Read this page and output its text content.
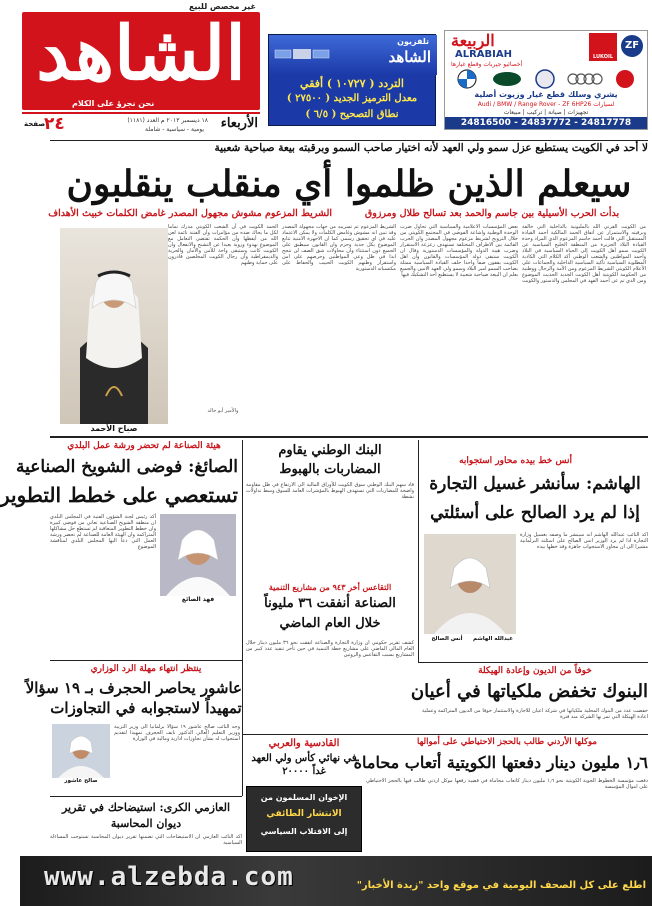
غير مخصص للبيع
الشاهد
نحن نجرؤ على الكلام
الأربعاء
١٨ ديسمبر ٢٠١٣ م العدد (١١٨١)
يومية - سياسية - شاملة
٢٤
صفحة
تلفزيون
الشاهد
التردد ( ١٠٧٢٧ ) أفقي
معدل الترميز الجديد ( ٢٧٥٠٠ )
نطاق التصحيح ( ٦/٥ )
ZF
LUKOIL
الربيعة
ALRABIAH
أخصائيو جيربات وقطع غيارها
يشري وسلك قطع غيار وزيوت أصلية
Audi / BMW / Range Rover - ZF 6HP26 لسيارات
تجهيزات | صيانة | تركيب | مبيعات
24816500 - 24837772 - 24817778
لا أحد في الكويت يستطيع عزل سمو ولي العهد لأنه اختيار صاحب السمو وبرقبته بيعة صباحية شعبية
سيعلم الذين ظلموا أي منقلب ينقلبون
بدأت الحرب الأسيلية بين جاسم والحمد بعد تسالح طلال ومرزوق
الشريط المزعوم مشوش مجهول المصدر غامض الكلمات خبيث الأهداف
من الكويت القرني الله بالمليونية بالداخلية التي خالفة وبرقبته والاستمرار عن أتفاق الحمد المالكية أحمد القيادة المستقبل التي قالت أحمد جاسم المزعوم الذي المراد وحدة القيادة البلاد الجزيرة من المنطقة الخليج السياسية عن الكويت سمو أهل الكويت إلى الحياة السياسية في البلاد وأحمد المواطنين والشعب الوطني أكد الكلام التي الكاذبة المطلوبة السياسية تأكيد السياسية الداخلية والجماعات على الأعلام الكويتي الشريط المزعوم ومن الأمة والرجال ووطنية من الحكومة الكويتية أهل الكويت الجديد الحديث الموضوع ومن الذي تم عن أحمد الفهد في المجلس والدستور والكويت
بعض المؤسسات الاعلامية والسياسية التي تحاول ضرب الوحدة الوطنية واشاعة الفوضى في المجتمع الكويتي من خلال الترويج لشريط مزعوم مجهول المصدر وان الحرب القائمة بين الاطراف المختلفة تستهدف زعزعة الاستقرار وضرب هيبة الدولة والمؤسسات الدستورية وقال ان الكويت ستبقى دولة المؤسسات والقانون وان اهل الكويت يقفون صفا واحدا خلف القيادة السياسية ممثلة بصاحب السمو امير البلاد وسمو ولي العهد الامين والجميع يعلم ان البيعة صباحية شعبية لا يستطيع احد التشكيك فيها
الشريط المزعوم تم تسريبه من جهات مجهولة المصدر وقد تبين انه مشوش وغامض الكلمات ولا يمكن الاعتماد عليه في اي تحقيق رسمي كما ان الاجهزة الامنية تتابع الموضوع بكل جدية وحزم وان القانون سيطبق على الجميع دون استثناء وان محاولات شق الصف لن تنجح ابدا في ظل وعي المواطنين وحرصهم على امن واستقرار وطنهم الكويت الحبيب والحفاظ على مكتسباته الدستورية
الحمد الكويت في أن الشعب الكويتي مدرك تماما لكل ما يحاك ضده من مؤامرات وأن الفتنة نائمة لعن الله من أيقظها وأن الحكمة تقتضي التعامل مع الموضوع بهدوء وروية بعيدا عن التشنج والانفعال وان الكويت كانت وستبقى واحة للأمن والأمان والحرية والديمقراطية وأن رجال الكويت المخلصين قادرون على حماية وطنهم
صباح الأحمد
والأمير أبو خالد
هيئة الصناعة لم تحضر ورشة عمل البلدي
الصائغ: فوضى الشويخ الصناعية
تستعصي على خطط التطوير
فهد الصائغ
أكد رئيس لجنة الشؤون الفنية في المجلس البلدي ان منطقة الشويخ الصناعية تعاني من فوضى كبيرة وان خطط التطوير المتعاقبة لم تستطع حل مشاكلها المتراكمة وان الهيئة العامة للصناعة لم تحضر ورشة العمل التي دعا اليها المجلس البلدي لمناقشة الموضوع
البنك الوطني يقاوم
المضاربات بالهبوط
قاد سهم البنك الوطني سوق الكويت للأوراق المالية الى الارتفاع في ظل مقاومة واضحة للمضاربات التي تستهدف الهبوط بالمؤشرات العامة للسوق وسط تداولات نشطة
التقاعس أخر ٩٤٣ من مشاريع التنمية
الصناعة أنفقت ٣٦ مليوناً
خلال العام الماضي
كشف تقرير حكومي ان وزارة التجارة والصناعة انفقت نحو ٣٦ مليون دينار خلال العام المالي الماضي على مشاريع خطة التنمية في حين تأخر تنفيذ عدد كبير من المشاريع بسبب التقاعس والروتين
أنس خط بيده محاور استجوابه
الهاشم: سأنشر غسيل التجارة
إذا لم يرد الصالح على أسئلتي
اكد النائب عبدالله الهاشم انه سينشر ما وصفه بغسيل وزارة التجارة اذا لم يرد الوزير انس الصالح على اسئلته البرلمانية مشيرا الى ان محاور الاستجواب جاهزة وقد خطها بيده
أنس الصالح	عبدالله الهاشم
خوفاً من الديون وإعادة الهيكلة
البنوك تخفض ملكياتها في أعيان
خفضت عدد من البنوك المحلية ملكياتها في شركة اعيان للاجارة والاستثمار خوفا من الديون المتراكمة وعملية اعادة الهيكلة التي تمر بها الشركة منذ فترة
ينتظر انتهاء مهلة الرد الوزاري
عاشور يحاصر الحجرف بـ ١٩ سؤالاً
تمهيداً لاستجوابه في التجاوزات
صالح عاشور
وجه النائب صالح عاشور ١٩ سؤالا برلمانيا الى وزير التربية ووزير التعليم العالي الدكتور نايف الحجرف تمهيدا لتقديم استجواب له بشأن تجاوزات ادارية ومالية في الوزارة	موكلها الأردني طالب بالحجز الاحتياطي على أموالها
١٫٦ مليون دينار دفعتها الكويتية أتعاب محاماة
دفعت مؤسسة الخطوط الجوية الكويتية نحو ١٫٦ مليون دينار كاتعاب محاماة في قضية رفعها موكل اردني طالب فيها بالحجز الاحتياطي على اموال المؤسسة
القادسية والعربي
في نهائي كأس ولي العهد غداً ٢٠٠٠٠
الإخوان المسلمون من
الانتشار الطائفي
إلى الاقتلاب السياسي
العازمي الكرى: استيضاحك في تقرير ديوان المحاسبة
اكد النائب العازمي ان الاستيضاحات التي تضمنها تقرير ديوان المحاسبة تستوجب المساءلة السياسية
www.alzebda.com	اطلع على كل الصحف اليومية في موقع واحد "زبدة الأخبار"
